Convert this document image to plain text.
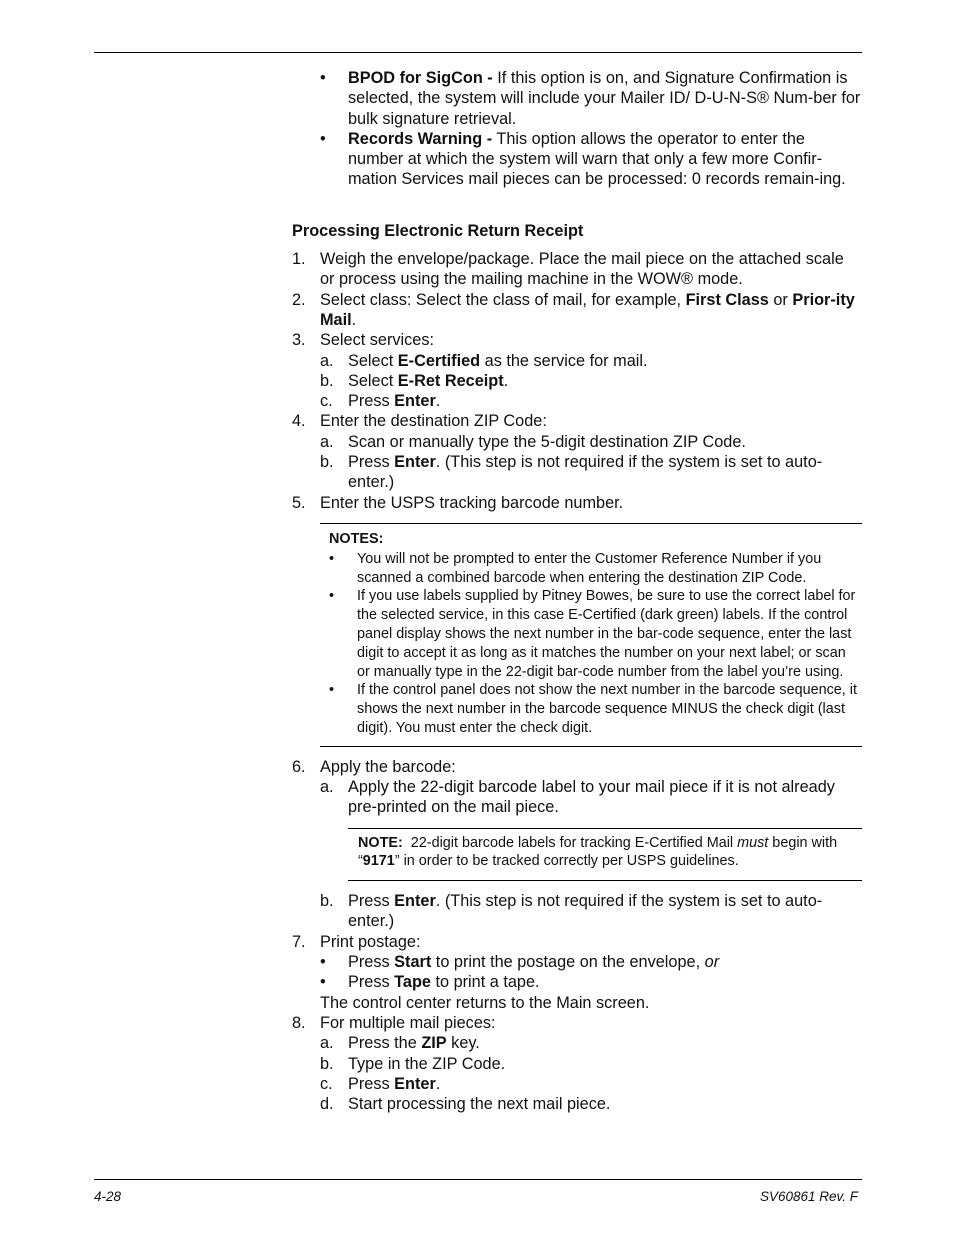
• BPOD for SigCon - If this option is on, and Signature Confirmation is selected, the system will include your Mailer ID/ D-U-N-S® Num-ber for bulk signature retrieval.
• Records Warning - This option allows the operator to enter the number at which the system will warn that only a few more Confir-mation Services mail pieces can be processed: 0 records remain-ing.
Processing Electronic Return Receipt
1. Weigh the envelope/package. Place the mail piece on the attached scale or process using the mailing machine in the WOW® mode.
2. Select class: Select the class of mail, for example, First Class or Prior-ity Mail.
3. Select services:
a. Select E-Certified as the service for mail.
b. Select E-Ret Receipt.
c. Press Enter.
4. Enter the destination ZIP Code:
a. Scan or manually type the 5-digit destination ZIP Code.
b. Press Enter. (This step is not required if the system is set to auto-enter.)
5. Enter the USPS tracking barcode number.
NOTES:
• You will not be prompted to enter the Customer Reference Number if you scanned a combined barcode when entering the destination ZIP Code.
• If you use labels supplied by Pitney Bowes, be sure to use the correct label for the selected service, in this case E-Certified (dark green) labels. If the control panel display shows the next number in the bar-code sequence, enter the last digit to accept it as long as it matches the number on your next label; or scan or manually type in the 22-digit bar-code number from the label you’re using.
• If the control panel does not show the next number in the barcode sequence, it shows the next number in the barcode sequence MINUS the check digit (last digit). You must enter the check digit.
6. Apply the barcode:
a. Apply the 22-digit barcode label to your mail piece if it is not already pre-printed on the mail piece.
NOTE:  22-digit barcode labels for tracking E-Certified Mail must begin with “9171” in order to be tracked correctly per USPS guidelines.
b. Press Enter. (This step is not required if the system is set to auto-enter.)
7. Print postage:
• Press Start to print the postage on the envelope, or
• Press Tape to print a tape.
The control center returns to the Main screen.
8. For multiple mail pieces:
a. Press the ZIP key.
b. Type in the ZIP Code.
c. Press Enter.
d. Start processing the next mail piece.
4-28	SV60861 Rev. F
